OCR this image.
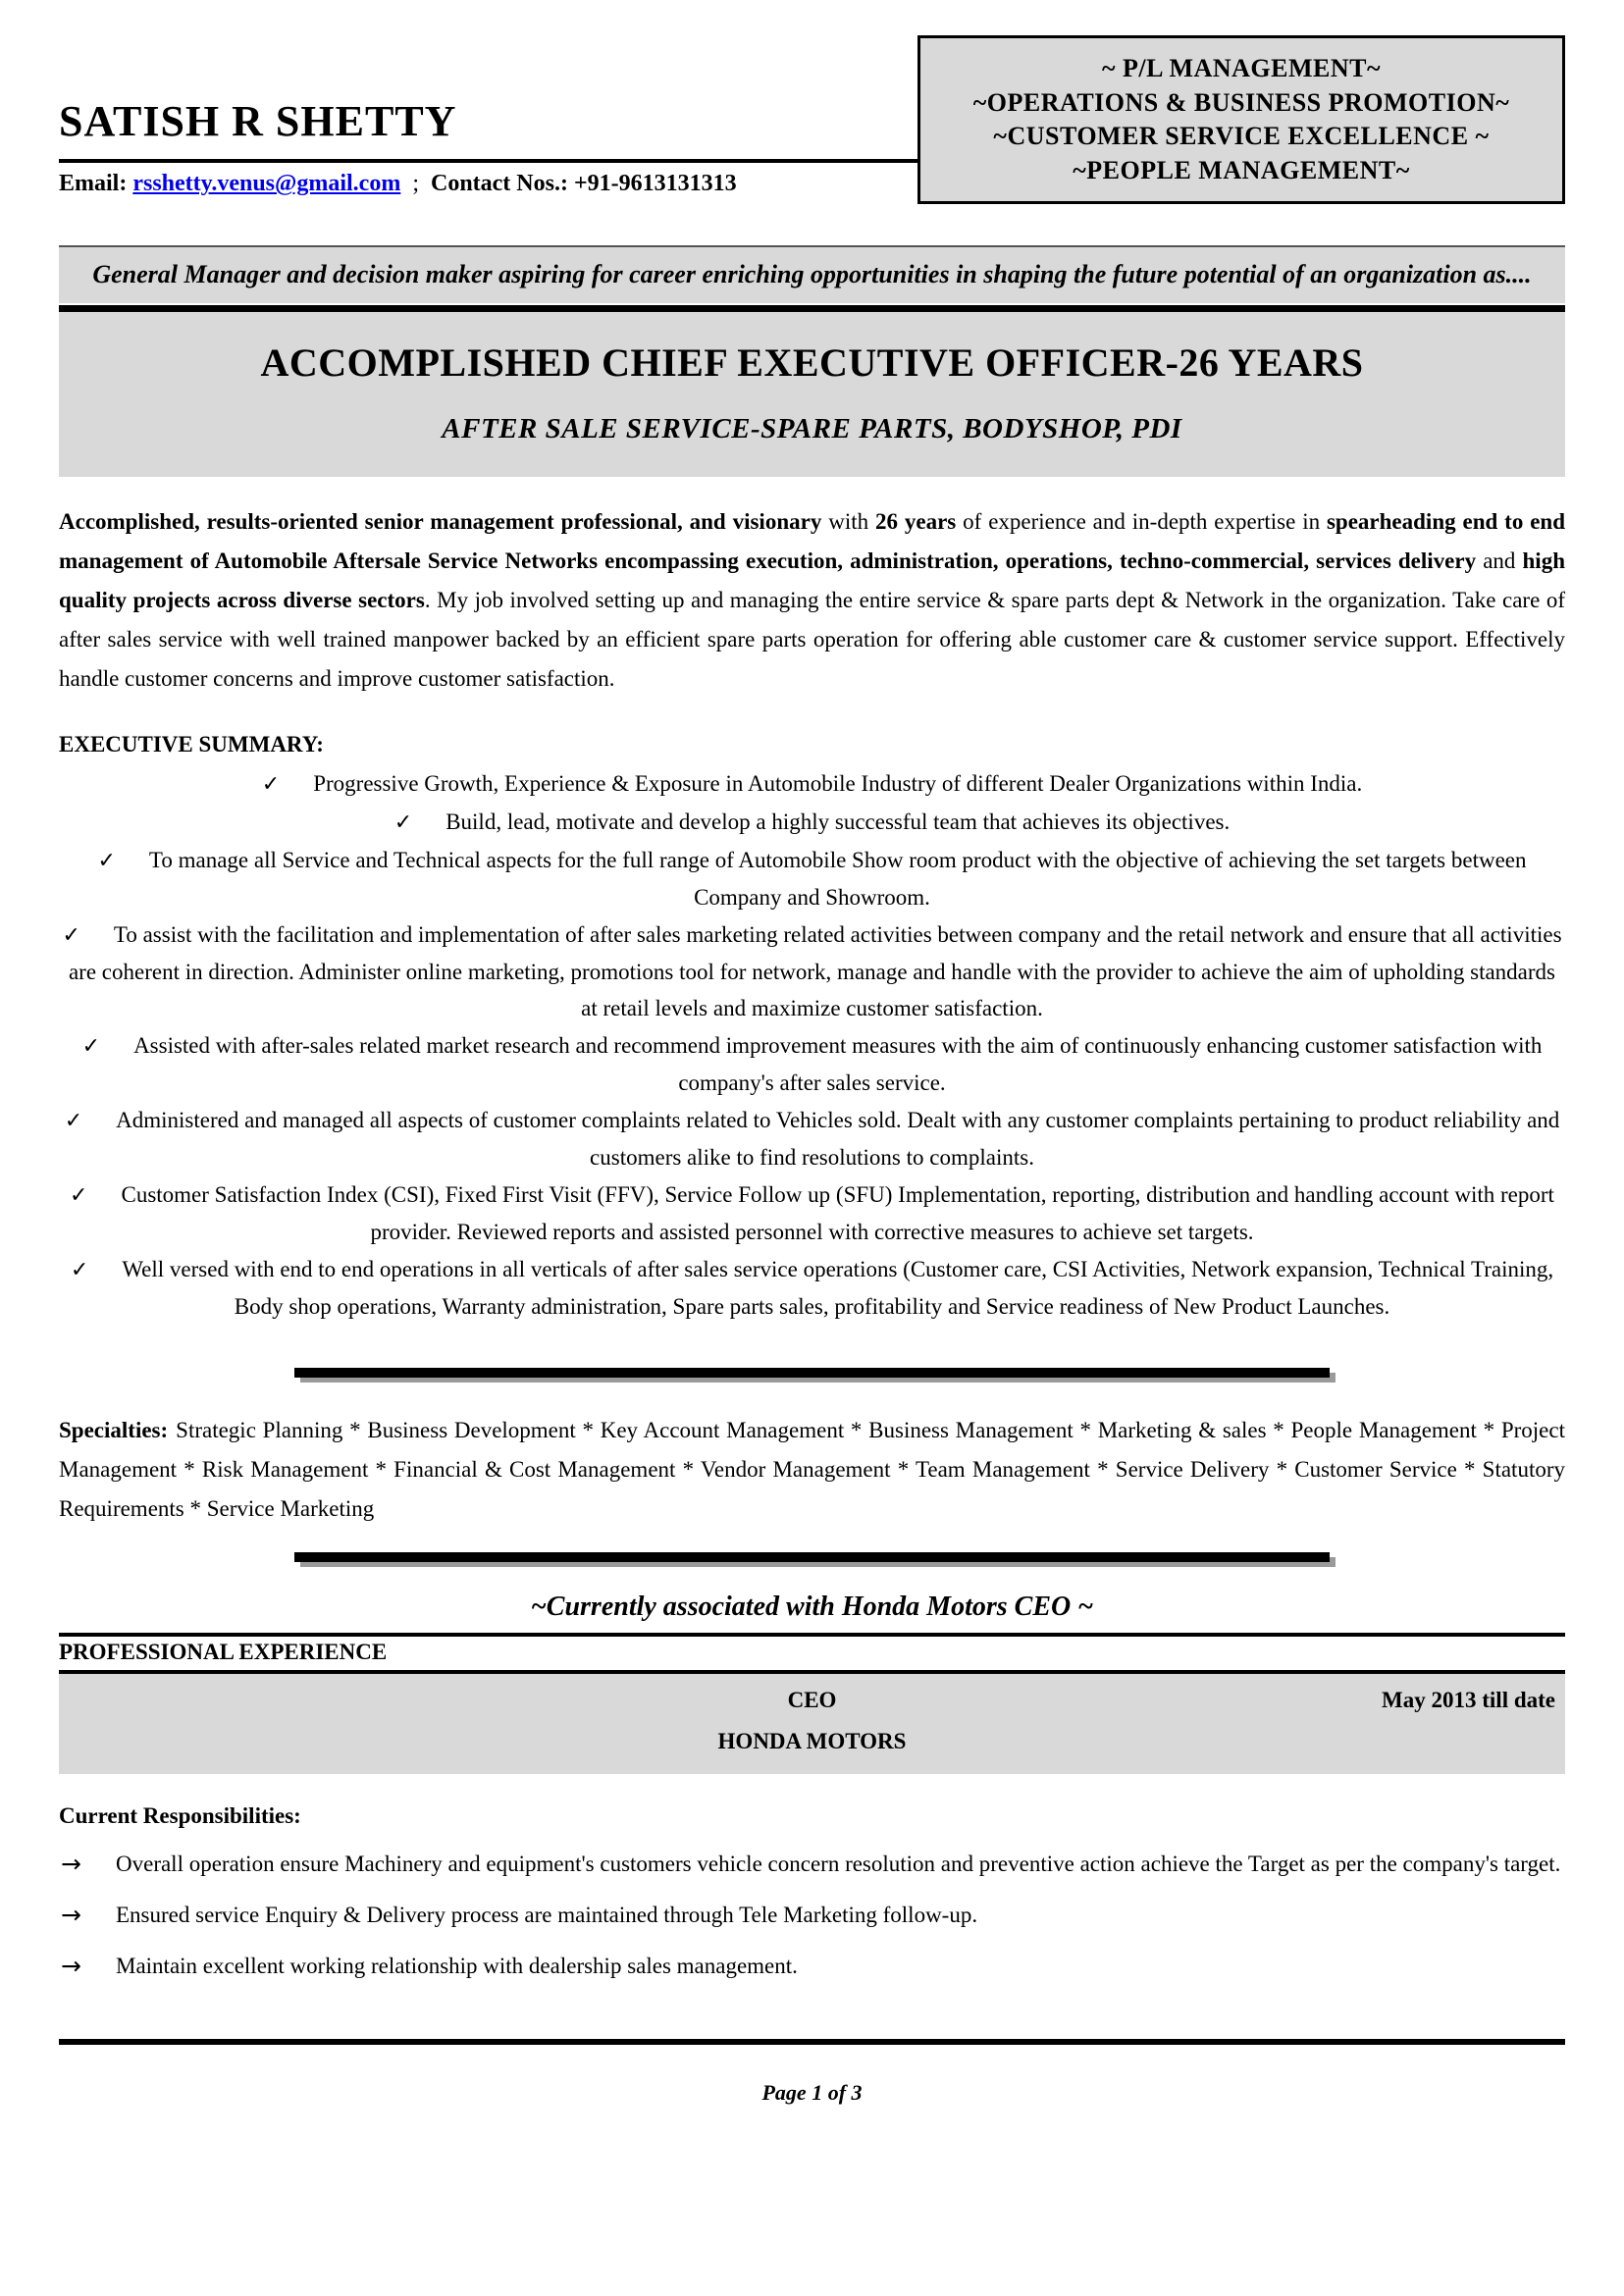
SATISH R SHETTY
Email: rsshetty.venus@gmail.com ; Contact Nos.: +91-9613131313
~ P/L MANAGEMENT~
~OPERATIONS & BUSINESS PROMOTION~
~CUSTOMER SERVICE EXCELLENCE ~
~PEOPLE MANAGEMENT~
General Manager and decision maker aspiring for career enriching opportunities in shaping the future potential of an organization as....
ACCOMPLISHED CHIEF EXECUTIVE OFFICER-26 YEARS
AFTER SALE SERVICE-SPARE PARTS, BODYSHOP, PDI
Accomplished, results-oriented senior management professional, and visionary with 26 years of experience and in-depth expertise in spearheading end to end management of Automobile Aftersale Service Networks encompassing execution, administration, operations, techno-commercial, services delivery and high quality projects across diverse sectors. My job involved setting up and managing the entire service & spare parts dept & Network in the organization. Take care of after sales service with well trained manpower backed by an efficient spare parts operation for offering able customer care & customer service support. Effectively handle customer concerns and improve customer satisfaction.
EXECUTIVE SUMMARY:
✓ Progressive Growth, Experience & Exposure in Automobile Industry of different Dealer Organizations within India.
✓ Build, lead, motivate and develop a highly successful team that achieves its objectives.
✓ To manage all Service and Technical aspects for the full range of Automobile Show room product with the objective of achieving the set targets between Company and Showroom.
✓ To assist with the facilitation and implementation of after sales marketing related activities between company and the retail network and ensure that all activities are coherent in direction. Administer online marketing, promotions tool for network, manage and handle with the provider to achieve the aim of upholding standards at retail levels and maximize customer satisfaction.
✓ Assisted with after-sales related market research and recommend improvement measures with the aim of continuously enhancing customer satisfaction with company's after sales service.
✓ Administered and managed all aspects of customer complaints related to Vehicles sold. Dealt with any customer complaints pertaining to product reliability and customers alike to find resolutions to complaints.
✓ Customer Satisfaction Index (CSI), Fixed First Visit (FFV), Service Follow up (SFU) Implementation, reporting, distribution and handling account with report provider. Reviewed reports and assisted personnel with corrective measures to achieve set targets.
✓ Well versed with end to end operations in all verticals of after sales service operations (Customer care, CSI Activities, Network expansion, Technical Training, Body shop operations, Warranty administration, Spare parts sales, profitability and Service readiness of New Product Launches.
Specialties: Strategic Planning * Business Development * Key Account Management * Business Management * Marketing & sales * People Management * Project Management * Risk Management * Financial & Cost Management * Vendor Management * Team Management * Service Delivery * Customer Service * Statutory Requirements * Service Marketing
~Currently associated with Honda Motors CEO ~
PROFESSIONAL EXPERIENCE
CEO	May 2013 till date
HONDA MOTORS
Current Responsibilities:
→	Overall operation ensure Machinery and equipment's customers vehicle concern resolution and preventive action achieve the Target as per the company's target.
→	Ensured service Enquiry & Delivery process are maintained through Tele Marketing follow-up.
→	Maintain excellent working relationship with dealership sales management.
Page 1 of 3
